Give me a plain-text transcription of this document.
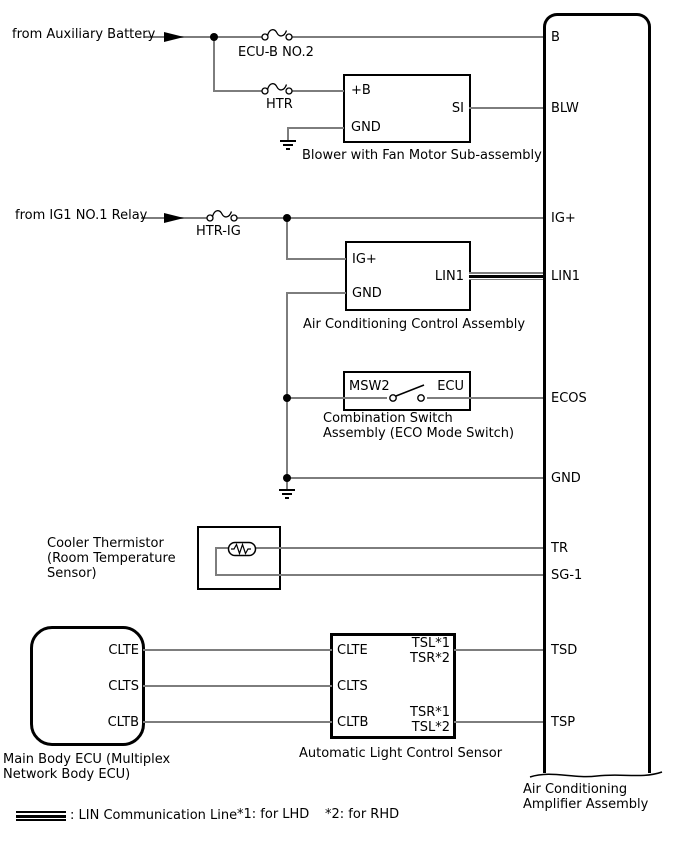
from Auxiliary Battery
from IG1 NO.1 Relay
ECU-B NO.2
HTR
HTR-IG
+B
GND
SI
Blower with Fan Motor Sub-assembly
IG+
GND
LIN1
Air Conditioning Control Assembly
MSW2	ECU
Combination Switch
Assembly (ECO Mode Switch)
Cooler Thermistor
(Room Temperature
Sensor)
CLTE
CLTS
CLTB
Main Body ECU (Multiplex
Network Body ECU)
CLTE
CLTS
CLTB
TSL*1
TSR*2
TSR*1
TSL*2
Automatic Light Control Sensor
B
BLW
IG+
LIN1
ECOS
GND
TR
SG-1
TSD
TSP
Air Conditioning
Amplifier Assembly
: LIN Communication Line *1: for LHD *2: for RHD
